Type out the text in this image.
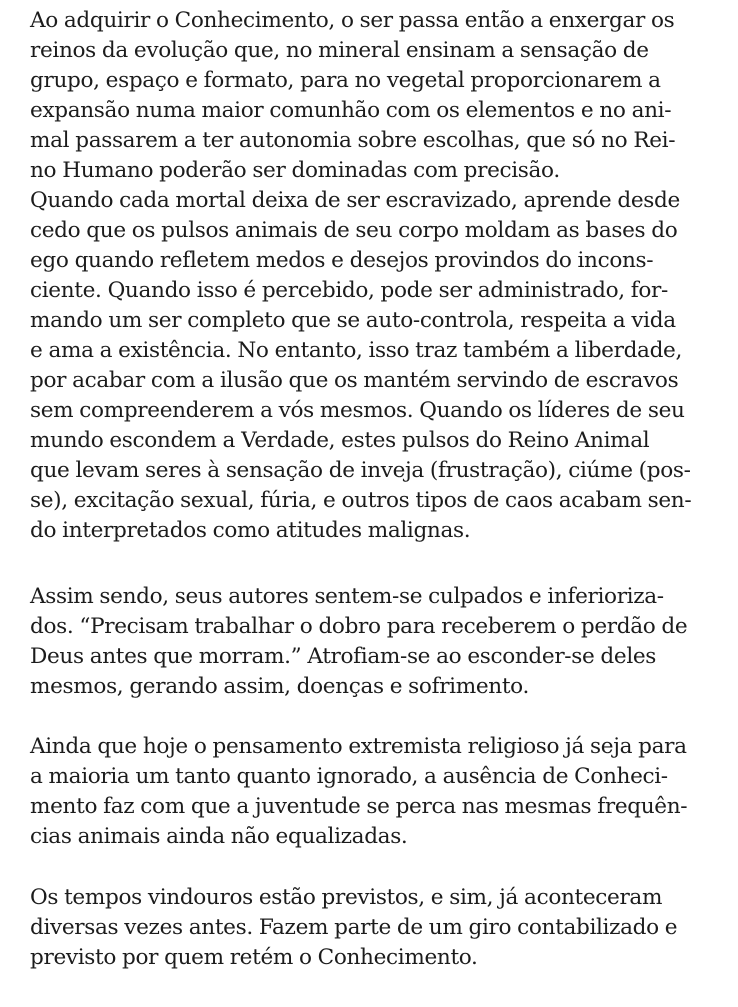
Ao adquirir o Conhecimento, o ser passa então a enxergar os
reinos da evolução que, no mineral ensinam a sensação de
grupo, espaço e formato, para no vegetal proporcionarem a
expansão numa maior comunhão com os elementos e no ani-
mal passarem a ter autonomia sobre escolhas, que só no Rei-
no Humano poderão ser dominadas com precisão.
Quando cada mortal deixa de ser escravizado, aprende desde
cedo que os pulsos animais de seu corpo moldam as bases do
ego quando refletem medos e desejos provindos do incons-
ciente. Quando isso é percebido, pode ser administrado, for-
mando um ser completo que se auto-controla, respeita a vida
e ama a existência. No entanto, isso traz também a liberdade,
por acabar com a ilusão que os mantém servindo de escravos
sem compreenderem a vós mesmos. Quando os líderes de seu
mundo escondem a Verdade, estes pulsos do Reino Animal
que levam seres à sensação de inveja (frustração), ciúme (pos-
se), excitação sexual, fúria, e outros tipos de caos acabam sen-
do interpretados como atitudes malignas.
Assim sendo, seus autores sentem-se culpados e inferioriza-
dos. “Precisam trabalhar o dobro para receberem o perdão de
Deus antes que morram.” Atrofiam-se ao esconder-se deles
mesmos, gerando assim, doenças e sofrimento.
Ainda que hoje o pensamento extremista religioso já seja para
a maioria um tanto quanto ignorado, a ausência de Conheci-
mento faz com que a juventude se perca nas mesmas frequên-
cias animais ainda não equalizadas.
Os tempos vindouros estão previstos, e sim, já aconteceram
diversas vezes antes. Fazem parte de um giro contabilizado e
previsto por quem retém o Conhecimento.
